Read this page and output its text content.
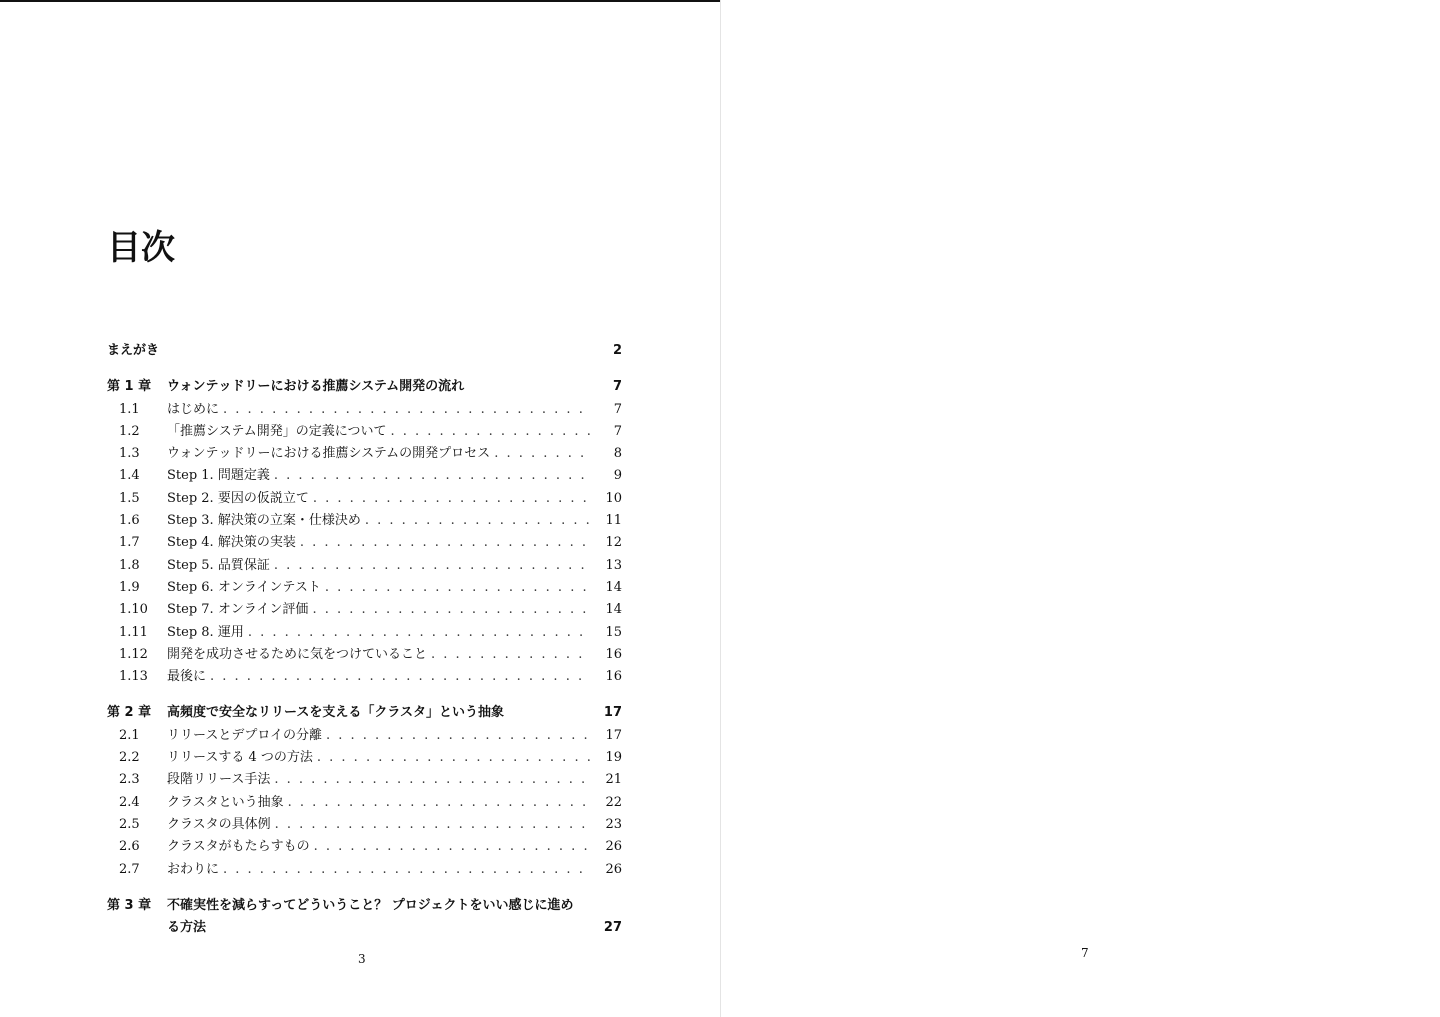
目次
まえがき	2
第 1 章	ウォンテッドリーにおける推薦システム開発の流れ	7
1.1	はじめに . . .	7
1.2	「推薦システム開発」の定義について . . .	7
1.3	ウォンテッドリーにおける推薦システムの開発プロセス . . .	8
1.4	Step 1. 問題定義 . . .	9
1.5	Step 2. 要因の仮説立て . . .	10
1.6	Step 3. 解決策の立案・仕様決め . . .	11
1.7	Step 4. 解決策の実装 . . .	12
1.8	Step 5. 品質保証 . . .	13
1.9	Step 6. オンラインテスト . . .	14
1.10	Step 7. オンライン評価 . . .	14
1.11	Step 8. 運用 . . .	15
1.12	開発を成功させるために気をつけていること . . .	16
1.13	最後に . . .	16
第 2 章	高頻度で安全なリリースを支える「クラスタ」という抽象	17
2.1	リリースとデプロイの分離 . . .	17
2.2	リリースする 4 つの方法 . . .	19
2.3	段階リリース手法 . . .	21
2.4	クラスタという抽象 . . .	22
2.5	クラスタの具体例 . . .	23
2.6	クラスタがもたらすもの . . .	26
2.7	おわりに . . .	26
第 3 章	不確実性を減らすってどういうこと？ プロジェクトをいい感じに進める方法	27
3	7
